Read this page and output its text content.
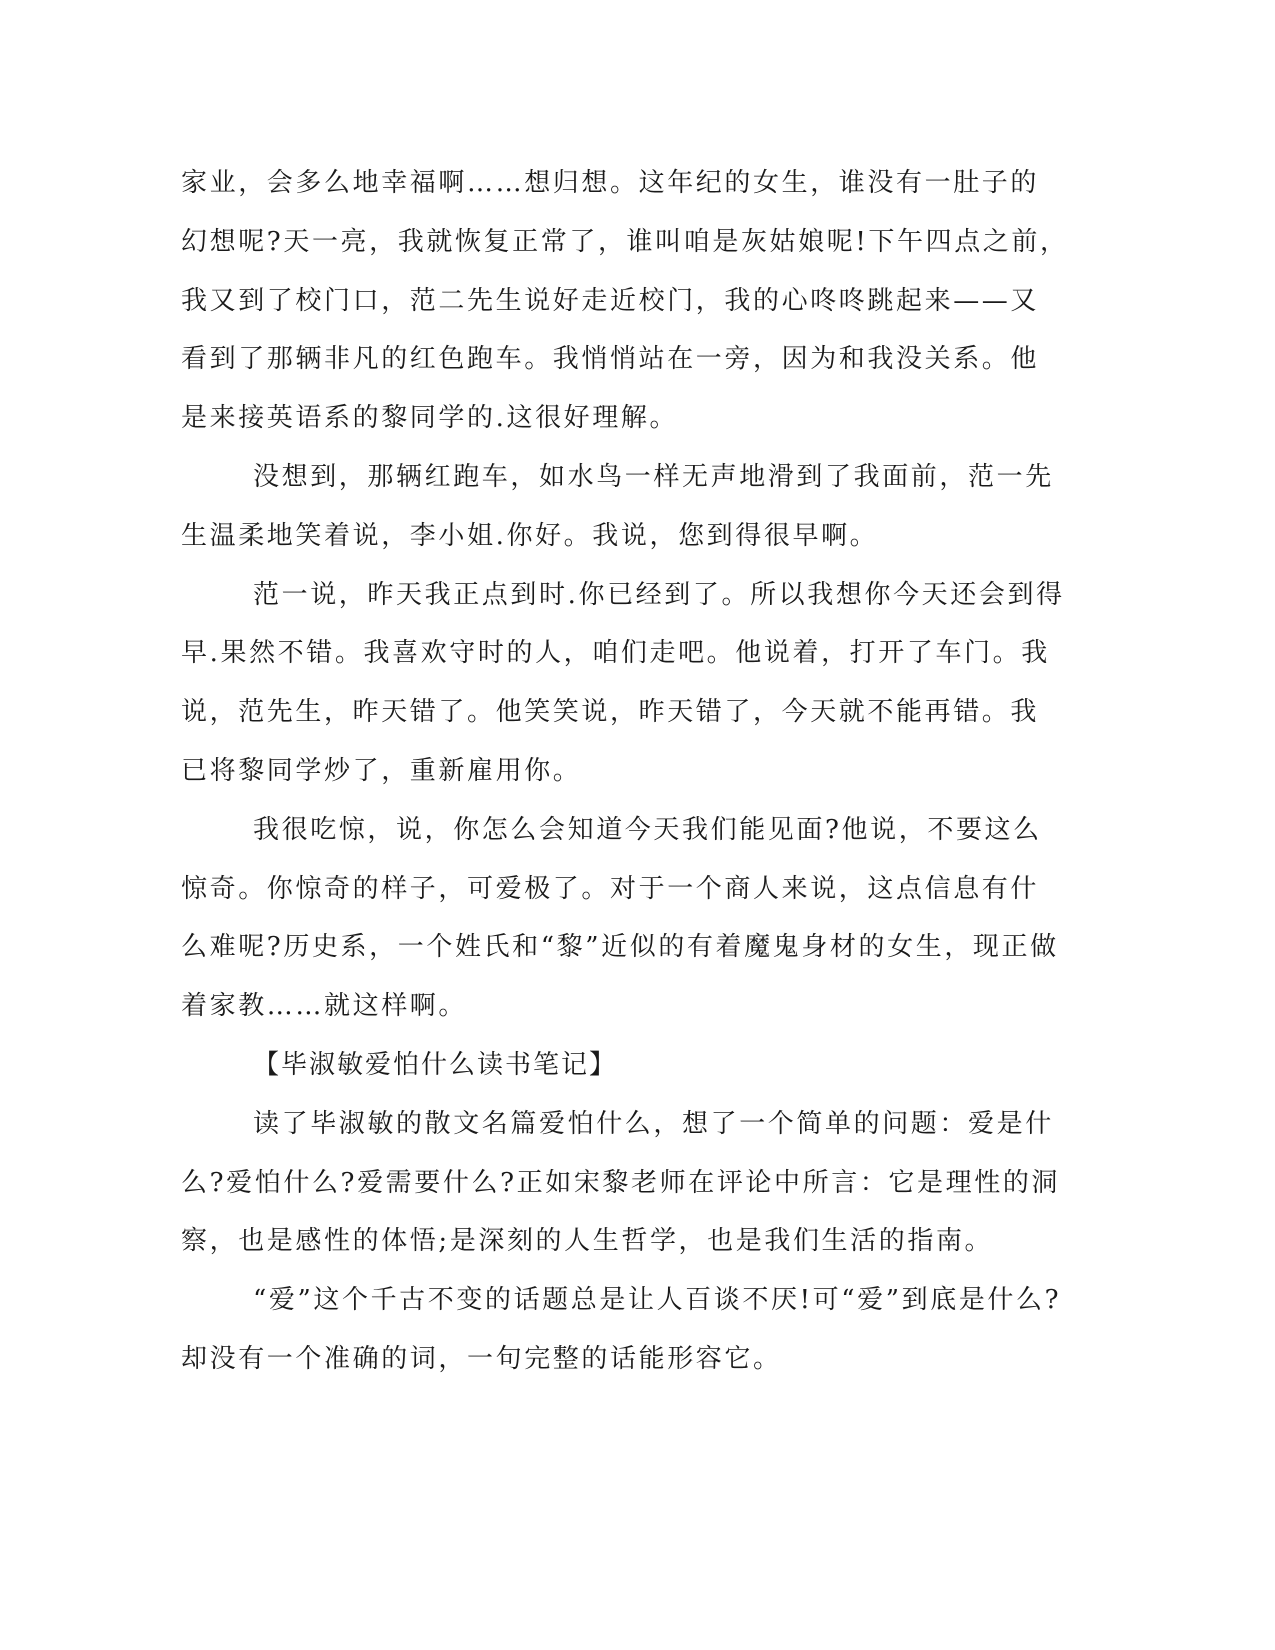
家业，会多么地幸福啊……想归想。这年纪的女生，谁没有一肚子的
幻想呢?天一亮，我就恢复正常了，谁叫咱是灰姑娘呢!下午四点之前，
我又到了校门口，范二先生说好走近校门，我的心咚咚跳起来——又
看到了那辆非凡的红色跑车。我悄悄站在一旁，因为和我没关系。他
是来接英语系的黎同学的.这很好理解。

没想到，那辆红跑车，如水鸟一样无声地滑到了我面前，范一先
生温柔地笑着说，李小姐.你好。我说，您到得很早啊。

范一说，昨天我正点到时.你已经到了。所以我想你今天还会到得
早.果然不错。我喜欢守时的人，咱们走吧。他说着，打开了车门。我
说，范先生，昨天错了。他笑笑说，昨天错了，今天就不能再错。我
已将黎同学炒了，重新雇用你。

我很吃惊，说，你怎么会知道今天我们能见面?他说，不要这么
惊奇。你惊奇的样子，可爱极了。对于一个商人来说，这点信息有什
么难呢?历史系，一个姓氏和“黎”近似的有着魔鬼身材的女生，现正做
着家教……就这样啊。

【毕淑敏爱怕什么读书笔记】

读了毕淑敏的散文名篇爱怕什么，想了一个简单的问题：爱是什
么?爱怕什么?爱需要什么?正如宋黎老师在评论中所言：它是理性的洞
察，也是感性的体悟;是深刻的人生哲学，也是我们生活的指南。

“爱”这个千古不变的话题总是让人百谈不厌!可“爱”到底是什么?
却没有一个准确的词，一句完整的话能形容它。
